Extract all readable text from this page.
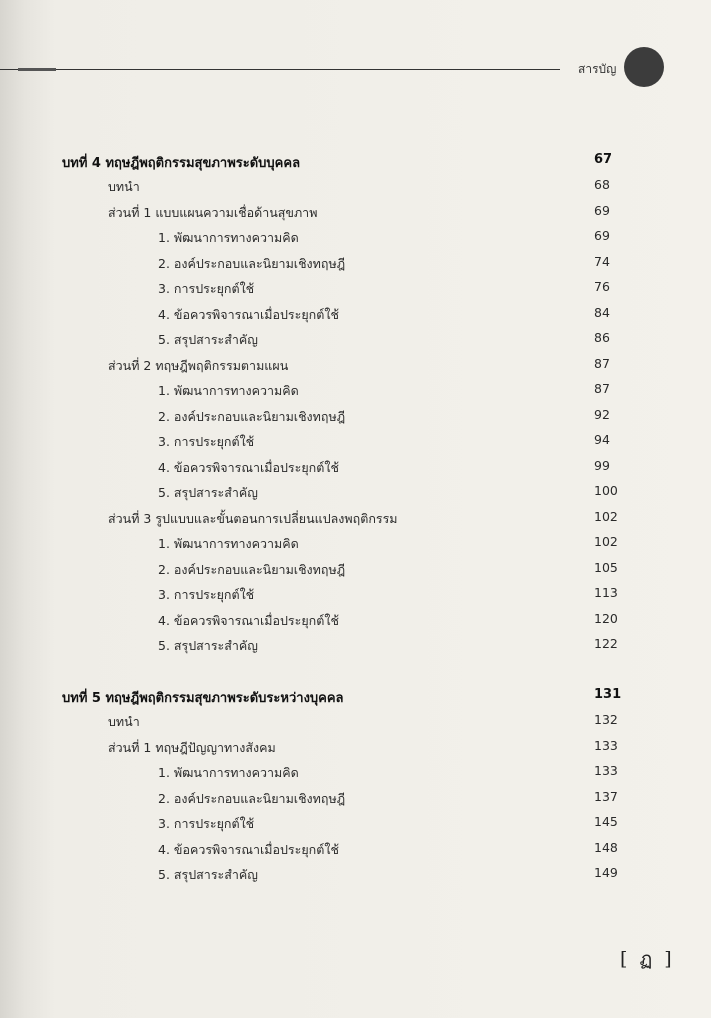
สารบัญ
บทที่ 4 ทฤษฎีพฤติกรรมสุขภาพระดับบุคคล	67
บทนำ	68
ส่วนที่ 1 แบบแผนความเชื่อด้านสุขภาพ	69
1. พัฒนาการทางความคิด	69
2. องค์ประกอบและนิยามเชิงทฤษฎี	74
3. การประยุกต์ใช้	76
4. ข้อควรพิจารณาเมื่อประยุกต์ใช้	84
5. สรุปสาระสำคัญ	86
ส่วนที่ 2 ทฤษฎีพฤติกรรมตามแผน	87
1. พัฒนาการทางความคิด	87
2. องค์ประกอบและนิยามเชิงทฤษฎี	92
3. การประยุกต์ใช้	94
4. ข้อควรพิจารณาเมื่อประยุกต์ใช้	99
5. สรุปสาระสำคัญ	100
ส่วนที่ 3 รูปแบบและขั้นตอนการเปลี่ยนแปลงพฤติกรรม	102
1. พัฒนาการทางความคิด	102
2. องค์ประกอบและนิยามเชิงทฤษฎี	105
3. การประยุกต์ใช้	113
4. ข้อควรพิจารณาเมื่อประยุกต์ใช้	120
5. สรุปสาระสำคัญ	122
บทที่ 5 ทฤษฎีพฤติกรรมสุขภาพระดับระหว่างบุคคล	131
บทนำ	132
ส่วนที่ 1 ทฤษฎีปัญญาทางสังคม	133
1. พัฒนาการทางความคิด	133
2. องค์ประกอบและนิยามเชิงทฤษฎี	137
3. การประยุกต์ใช้	145
4. ข้อควรพิจารณาเมื่อประยุกต์ใช้	148
5. สรุปสาระสำคัญ	149
[ ฏ ]
